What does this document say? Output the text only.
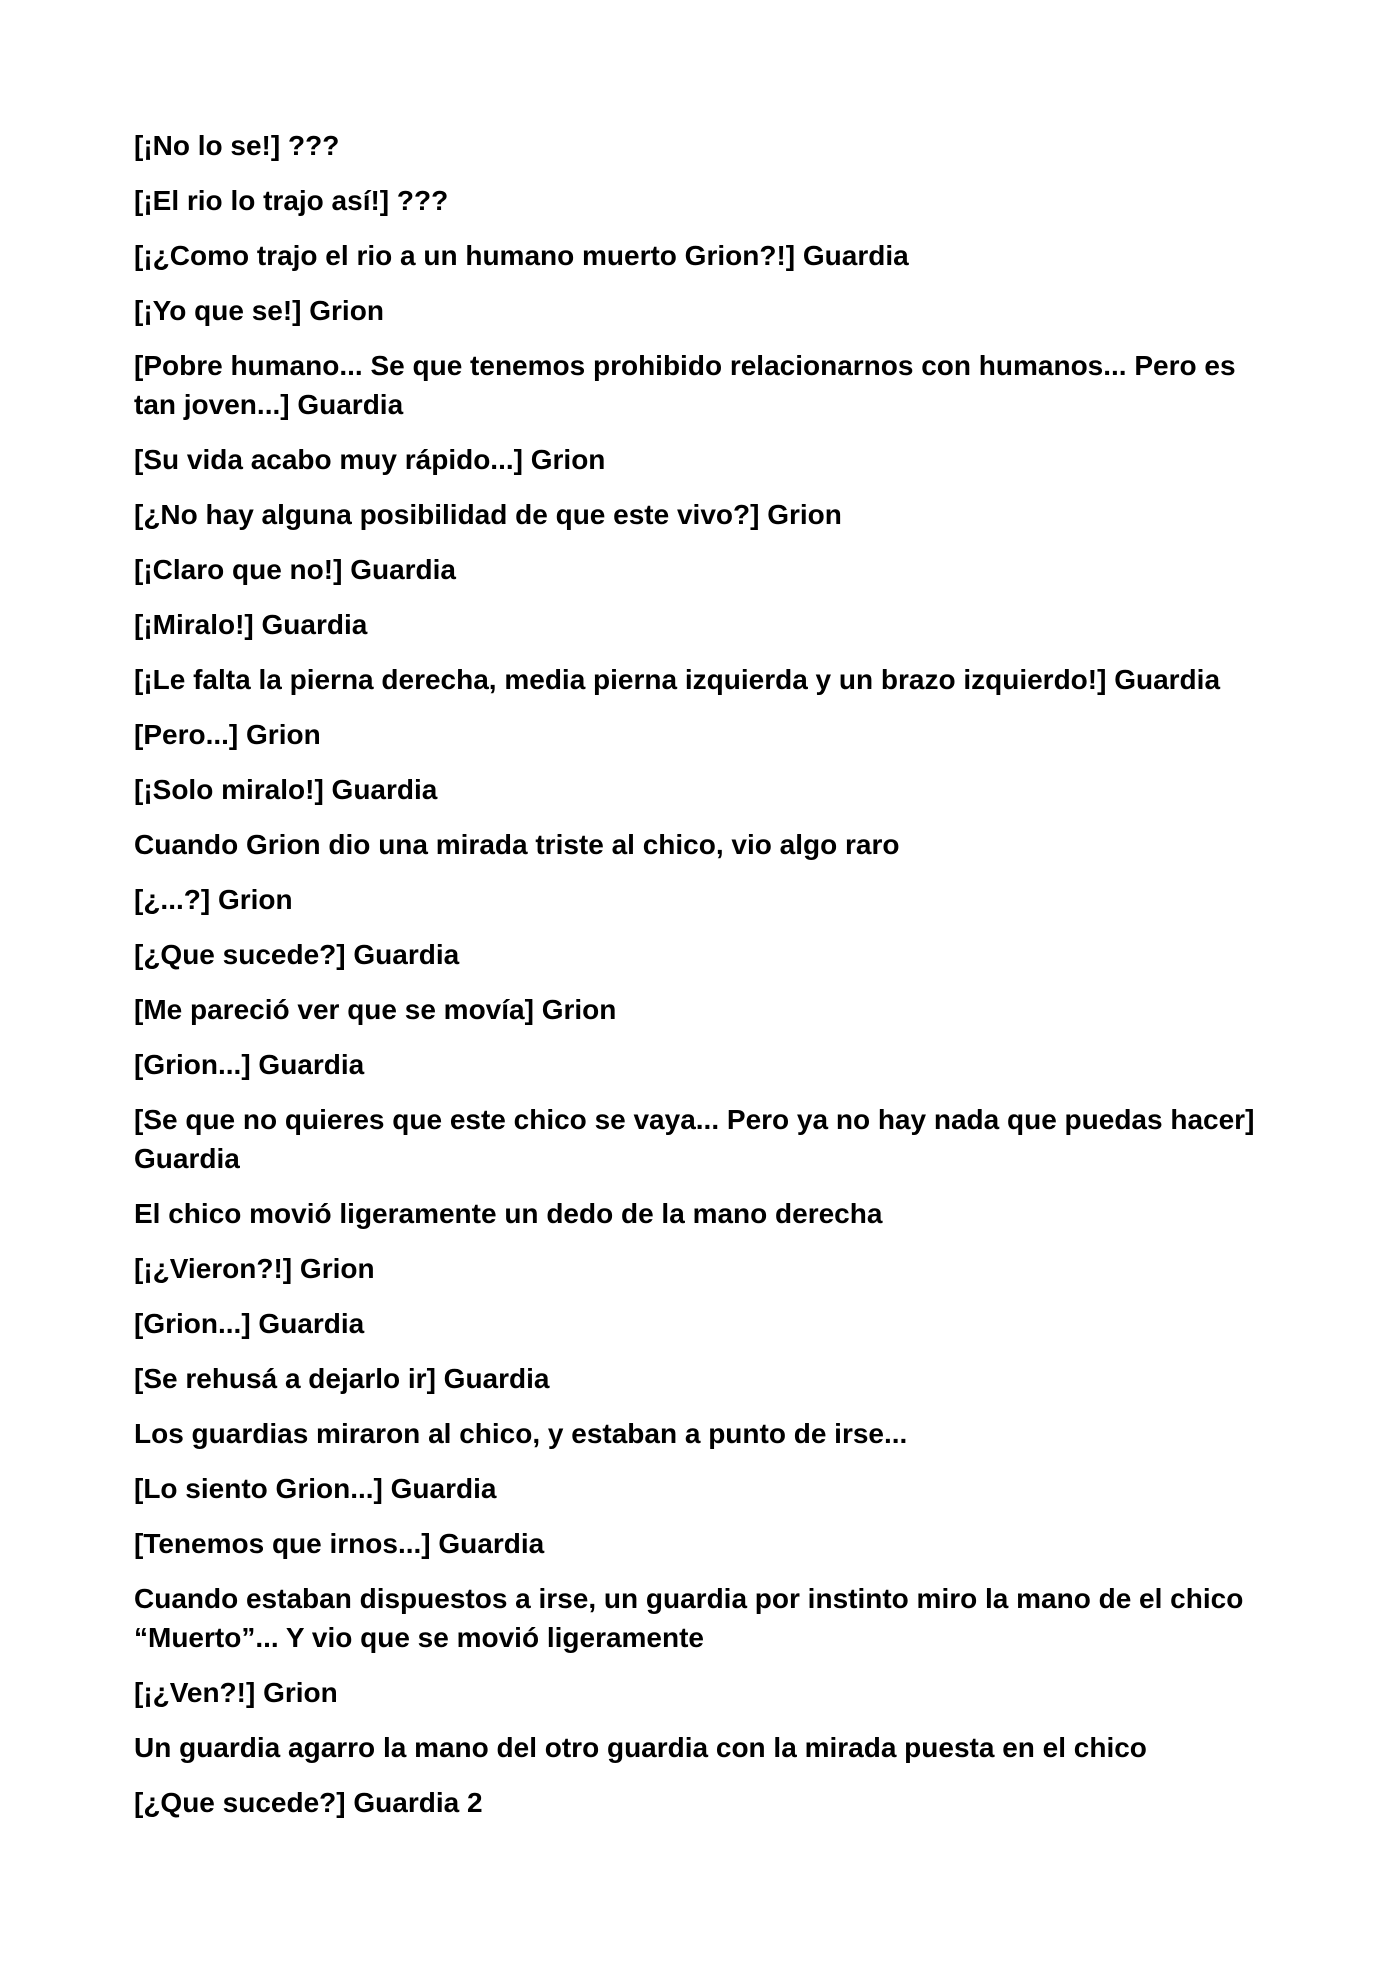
[¡No lo se!] ???

[¡El rio lo trajo así!] ???

[¡¿Como trajo el rio a un humano muerto Grion?!] Guardia

[¡Yo que se!] Grion

[Pobre humano... Se que tenemos prohibido relacionarnos con humanos... Pero es tan joven...] Guardia

[Su vida acabo muy rápido...] Grion

[¿No hay alguna posibilidad de que este vivo?] Grion

[¡Claro que no!] Guardia

[¡Miralo!] Guardia

[¡Le falta la pierna derecha, media pierna izquierda y un brazo izquierdo!] Guardia

[Pero...] Grion

[¡Solo miralo!] Guardia

Cuando Grion dio una mirada triste al chico, vio algo raro

[¿...?] Grion

[¿Que sucede?] Guardia

[Me pareció ver que se movía] Grion

[Grion...] Guardia

[Se que no quieres que este chico se vaya... Pero ya no hay nada que puedas hacer] Guardia

El chico movió ligeramente un dedo de la mano derecha

[¡¿Vieron?!] Grion

[Grion...] Guardia

[Se rehusá a dejarlo ir] Guardia

Los guardias miraron al chico, y estaban a punto de irse...

[Lo siento Grion...] Guardia

[Tenemos que irnos...] Guardia

Cuando estaban dispuestos a irse, un guardia por instinto miro la mano de el chico “Muerto”... Y vio que se movió ligeramente

[¡¿Ven?!] Grion

Un guardia agarro la mano del otro guardia con la mirada puesta en el chico

[¿Que sucede?] Guardia 2
